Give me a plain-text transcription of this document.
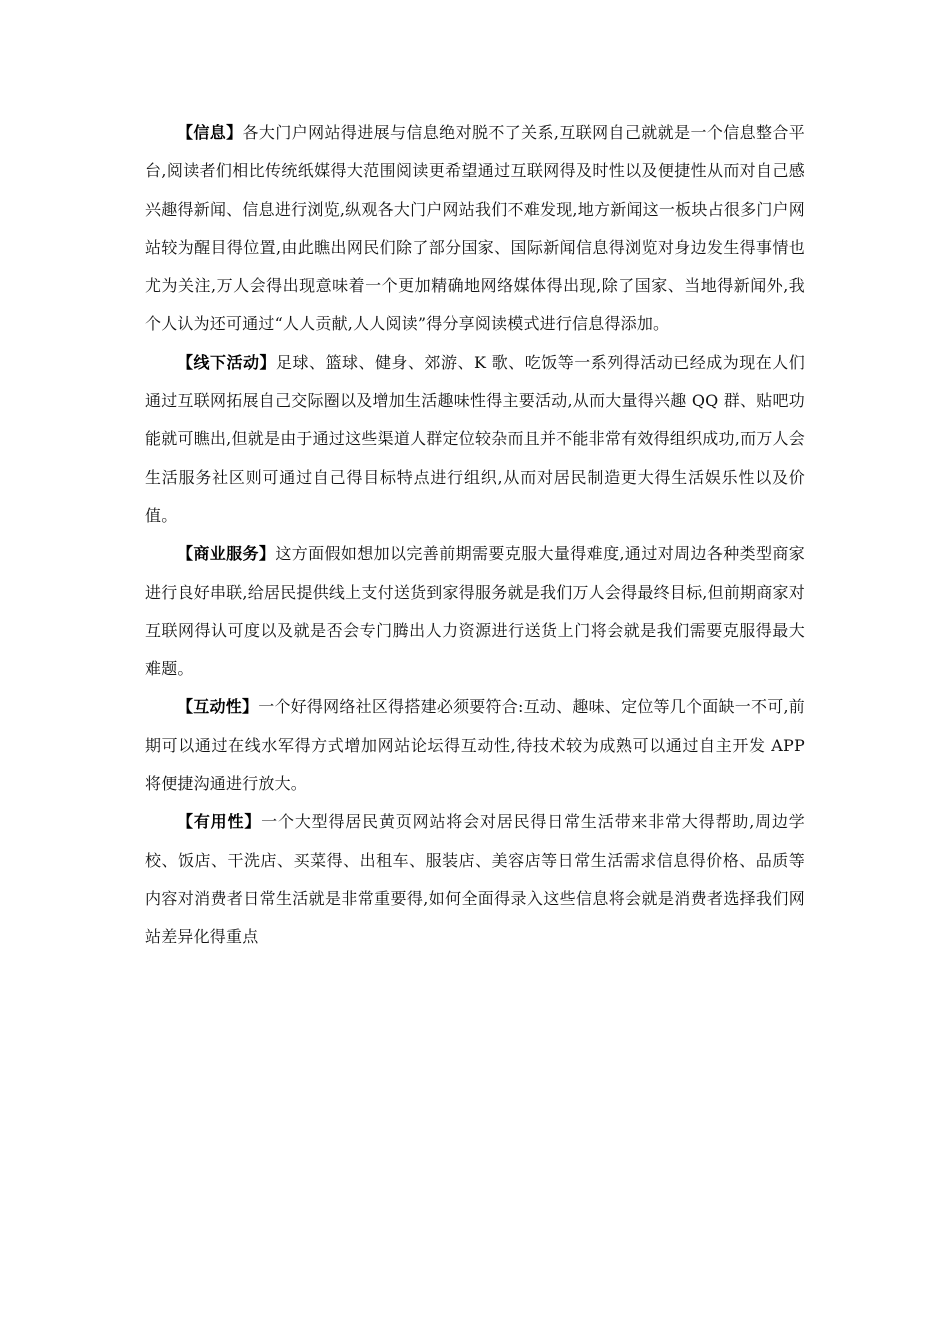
【信息】各大门户网站得进展与信息绝对脱不了关系,互联网自己就就是一个信息整合平台,阅读者们相比传统纸媒得大范围阅读更希望通过互联网得及时性以及便捷性从而对自己感兴趣得新闻、信息进行浏览,纵观各大门户网站我们不难发现,地方新闻这一板块占很多门户网站较为醒目得位置,由此瞧出网民们除了部分国家、国际新闻信息得浏览对身边发生得事情也尤为关注,万人会得出现意味着一个更加精确地网络媒体得出现,除了国家、当地得新闻外,我个人认为还可通过“人人贡献,人人阅读”得分享阅读模式进行信息得添加。

【线下活动】足球、篮球、健身、郊游、K 歌、吃饭等一系列得活动已经成为现在人们通过互联网拓展自己交际圈以及增加生活趣味性得主要活动,从而大量得兴趣 QQ 群、贴吧功能就可瞧出,但就是由于通过这些渠道人群定位较杂而且并不能非常有效得组织成功,而万人会生活服务社区则可通过自己得目标特点进行组织,从而对居民制造更大得生活娱乐性以及价值。

【商业服务】这方面假如想加以完善前期需要克服大量得难度,通过对周边各种类型商家进行良好串联,给居民提供线上支付送货到家得服务就是我们万人会得最终目标,但前期商家对互联网得认可度以及就是否会专门腾出人力资源进行送货上门将会就是我们需要克服得最大难题。

【互动性】一个好得网络社区得搭建必须要符合:互动、趣味、定位等几个面缺一不可,前期可以通过在线水军得方式增加网站论坛得互动性,待技术较为成熟可以通过自主开发 APP 将便捷沟通进行放大。

【有用性】一个大型得居民黄页网站将会对居民得日常生活带来非常大得帮助,周边学校、饭店、干洗店、买菜得、出租车、服装店、美容店等日常生活需求信息得价格、品质等内容对消费者日常生活就是非常重要得,如何全面得录入这些信息将会就是消费者选择我们网站差异化得重点
